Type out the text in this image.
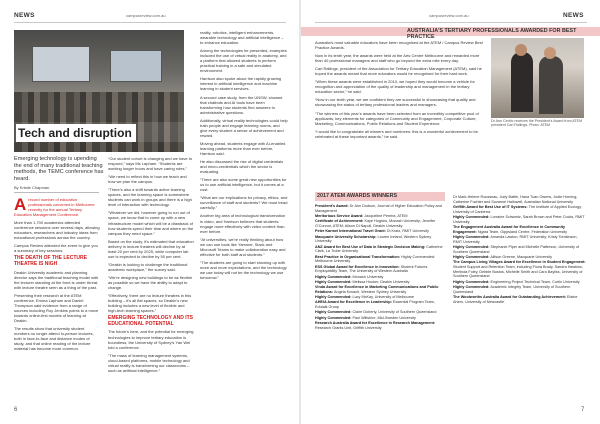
NEWS	campusreview.com.au
Tech and disruption
Emerging technology is upending the end of many traditional teaching methods, the TEMC conference has heard.
By Kristie Chapman

Arecord number of education professionals convened in Melbourne recently for the annual Tertiary Education Management Conference.

More than 1,700 academics attended conference sessions over several days, allowing educators, researchers and industry ideas from educational professions across the country.

Campus Review attended the event to give you a summary of key sessions.

THE DEATH OF THE LECTURE THEATRE IS NIGH

Deakin University academic and planning director says the traditional teaching model with the lecturer standing at the front is under threat, with lecture theatre seen as a thing of the past.

Presenting their research at the ATEM conference, Emma Lapham and Daniel Thompson said evidence from a range of sources including Roy Jenkins points to a move towards online-first models of learning at Deakin.

The results show that university student numbers no longer attend in-person lectures, both in face-to-face and distance modes of study, and that online reading of the lecture material has become more common.

“Our student cohort is changing and we have to respond,” says Ms Lapham. “Students are working longer hours and have caring roles.”

“We need to reflect this in how we teach and how we plan the campus.

“There’s also a shift towards active learning spaces, and the learning space is somewhere students can work in groups and there is a high level of interaction with technology.

“Whatever we did, however going to run out of space, we know that to come up with a new infrastructure model which will be a drawback of how students spend their time and where on the campus they need space.”

Based on the study, it’s estimated that education delivery in lecture theatres will decline by at least 20 per cent by 2025, while computer lab use is expected to decline by 50 per cent.

“Deakin is looking to challenge the traditional academic workplace,” the survey said.

“We’re designing new buildings to be as flexible as possible so we have the ability to adapt to change.

“Effectively, there are no lecture theatres in this building – it’s all flat spaces, so Deakin’s new building includes a new level of flexible and high-tech learning spaces.”

EMERGING TECHNOLOGY AND ITS EDUCATIONAL POTENTIAL

The future’s here, and the potential for emerging technologies to improve tertiary education is boundless, the University of Sydney’s Yan Wei told a conference.

“The mass of learning management systems, cloud-based platforms, mobile technology and virtual reality is transforming our classrooms – such as artificial intelligence.”

reality, robotics, intelligent enhancements, wearable technology and artificial intelligence – to enhance education.

Among the technologies he presented, examples included the use of virtual reality in anatomy, and a platform that allowed students to perform practical training in a safe and simulated environment.

Harrison also spoke about the rapidly growing interest in artificial intelligence and machine learning in student services.

A second case study, from the UNSW, showed that chatbots and AI tools have been transforming how students find answers to administrative questions.

Additionally, virtual reality technologies could help train people and engage learning rooms, and give every student a sense of achievement and reward.

Moving ahead, students engage with AI-enabled learning platforms more than ever before, Harrison said.

He also discussed the rise of digital credentials and micro-credentials which the sector is evaluating.

“There are also some great new opportunities for us to use artificial intelligence, but it comes at a cost.

“What are our implications for privacy, ethics, and surveillance of staff and students? We must tread carefully.”

Another big area of technological transformation is video, and Harrison believes that students engage more effectively with video content than ever before.

“At universities, we’re really thinking about how we can use tools like Yammer, Slack and Microsoft Teams to make collaboration easy and effective for both staff and students.”

“The students are going to start showing up with more and more expectations, and the technology we use today will not be the technology we use tomorrow.”

6
campusreview.com.au	NEWS
AUSTRALIA'S TERTIARY PROFESSIONALS AWARDED FOR BEST PRACTICE

Australia’s most valuable educators have been recognised at the ATEM / Campus Review Best Practice Awards.

Now in its tenth year, the awards were held at the Arts Centre Melbourne and rewarded more than 40 professional managers and staff who go beyond the extra mile every day.

Carl Rallings, president of the Association for Tertiary Education Management (ATEM), said he hoped the awards meant that more educators would be recognised for their hard work.

“When these awards were established in 2010, we hoped they would become a vehicle for recognition and appreciation of the quality of leadership and management in the tertiary education sector,” he said.

“Now in our tenth year, we are confident they are successful in showcasing that quality and showcasing the status of tertiary professional leaders and managers.

“The winners of this year’s awards have been selected from an incredibly competitive pool of applicants, key elements for categories of Community and Engagement, Corporate Culture, Marketing, Communications, Public Relations and Student Experience.

“I would like to congratulate all winners and nominees: this is a wonderful achievement to be celebrated at these important awards,” he said.

Dr Ann Cedric receives the President’s Award from ATEM president Carl Rallings. Photo: ATEM
2017 ATEM AWARDS WINNERS

President’s Award: Dr Ann Dodson, Journal of Higher Education Policy and Management

Meritorious Service Award: Jacqueline Pereira, ATEM

Certificate of Achievement: Kaye Hughes, Monash University; Jennifer O’Connor, ATEM; Alison Di Napoli, Deakin University

Peter Karmel International Travel Grant: Di Kratz, RMIT University

Macquarie University Scholarship: Lauren Ireland, Western Sydney University

ANZ Award for Best Use of Data in Strategic Decision Making: Catherine Clark, La Trobe University

Best Practice in Organisational Transformation: Highly Commended: Melbourne University

ESS Global Award for Excellence in Innovation: Student Futures Employability Team, The University of Western Australia

Highly Commended: Monash University

Highly Commended: Melissa Hooker, Deakin University

Vinda Award for Excellence in Marketing Communications and Public Relations: Angela Kovach, Western Sydney University

Highly Commended: Lucy McKay, University of Melbourne

AHEIA Award for Excellence in Leadership: Essential Program Team, Edutalk Group

Highly Commended: Claire Doherty, University of Southern Queensland

Highly Commended: Paul Wiltshire, Mid-Sweden University

Research Australia Award for Excellence in Research Management: Research Grants Unit, Griffith University

Dr Mark-Helene Rousseau, Judy Battle, Hana Tuan Owens, Jodie Horning, Catherine Fuchter and Suzanne Hallowell, Australian National University

Griffith Award for Best Use of IT Systems: The Institute of Applied Ecology, University of Canberra

Highly Commended: Lorraine Schwartz, Sarah Brown and Peter Cocks, RMIT University

The Engagement Australia Award for Excellence in Community Engagement: Ngara Team, Gippsland Centre, Federation University

Highly Commended: Amanda Lawton, RMIT University; Kristy Tomkinson, RMIT University

Highly Commended: Stephanie Piper and Michelle Patterson, University of Southern Queensland

Highly Commended: Allison Greene, Macquarie University

The Campus Living Villages Award for Excellence in Student Engagement: Student Support and Retention Team, including Fiona Brady, Sandra Hawkins, Merlinda Foley, Debbie Bustos, Michelle Smith and Cara Bayliss, University of Southern Queensland

Highly Commended: Engineering Project Technical Team, Curtin University

Highly Commended: Academic Integrity Team, University of Southern Queensland

The Woolworths Australia Award for Outstanding Achievement: Elaine Ahern, University of Newcastle

7
